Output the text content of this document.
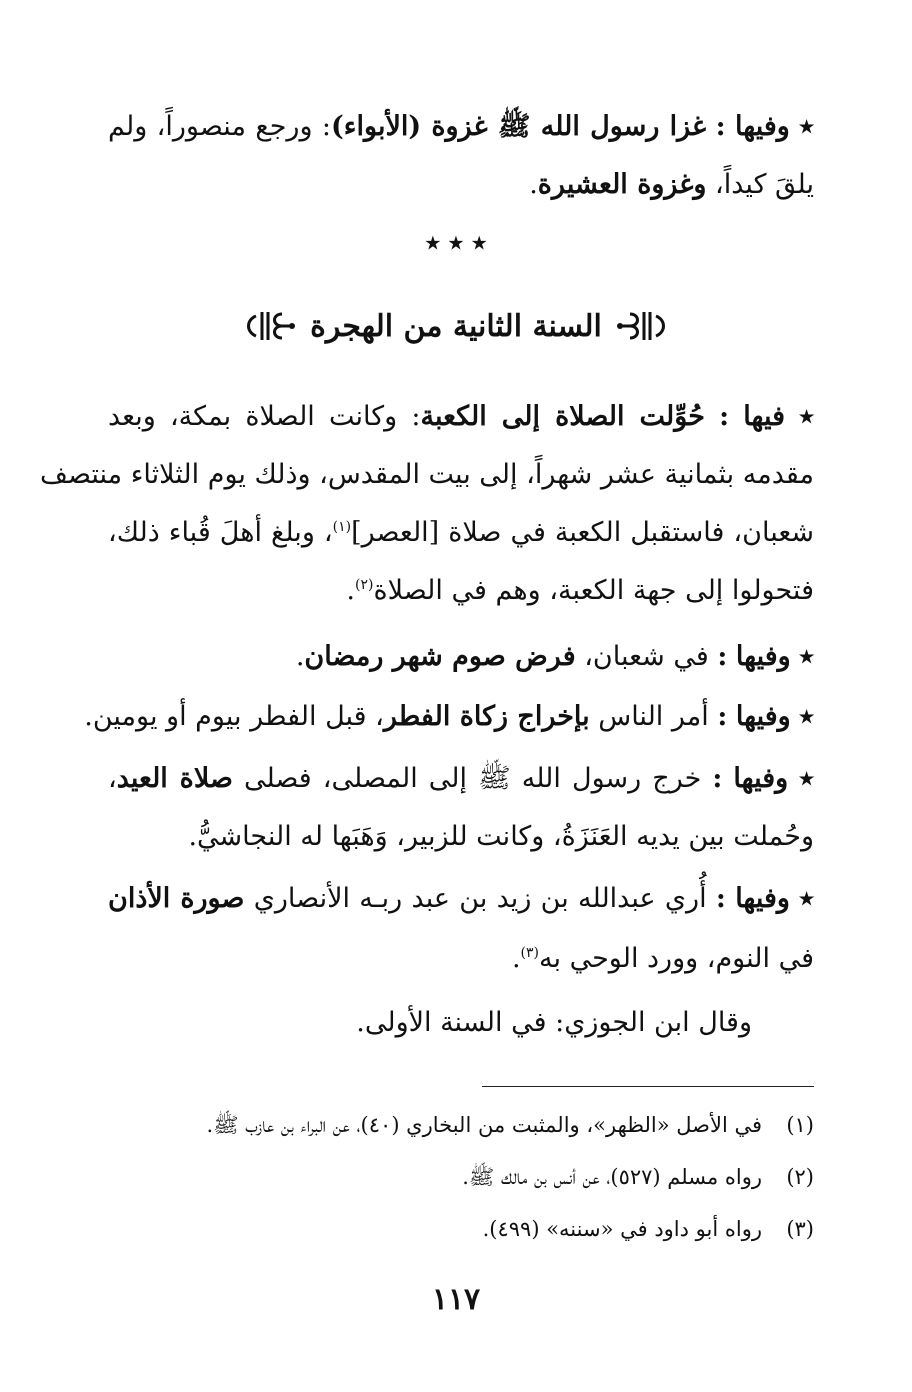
٭ وفيها : غزا رسول الله ﷺ غزوة (الأبواء): ورجع منصوراً، ولم
يلقَ كيداً، وغزوة العشيرة.
٭ ٭ ٭
السنة الثانية من الهجرة
٭ فيها : حُوِّلت الصلاة إلى الكعبة: وكانت الصلاة بمكة، وبعد
مقدمه بثمانية عشر شهراً، إلى بيت المقدس، وذلك يوم الثلاثاء منتصف
شعبان، فاستقبل الكعبة في صلاة [العصر]$^{(١)}$، وبلغ أهلَ قُباء ذلك،
فتحولوا إلى جهة الكعبة، وهم في الصلاة$^{(٢)}$.
٭ وفيها : في شعبان، فرض صوم شهر رمضان.
٭ وفيها : أمر الناس بإخراج زكاة الفطر، قبل الفطر بيوم أو يومين.
٭ وفيها : خرج رسول الله ﷺ إلى المصلى، فصلى صلاة العيد،
وحُملت بين يديه العَنَزَةُ، وكانت للزبير، وَهَبَها له النجاشيُّ.
٭ وفيها : أُري عبدالله بن زيد بن عبد ربـه الأنصاري صورة الأذان
في النوم، وورد الوحي به$^{(٣)}$.
وقال ابن الجوزي: في السنة الأولى.
(١)في الأصل «الظهر»، والمثبت من البخاري (٤٠)، عن البراء بن عازب ﷺ.
(٢)رواه مسلم (٥٢٧)، عن أنس بن مالك ﷺ.
(٣)رواه أبو داود في «سننه» (٤٩٩).
١١٧
